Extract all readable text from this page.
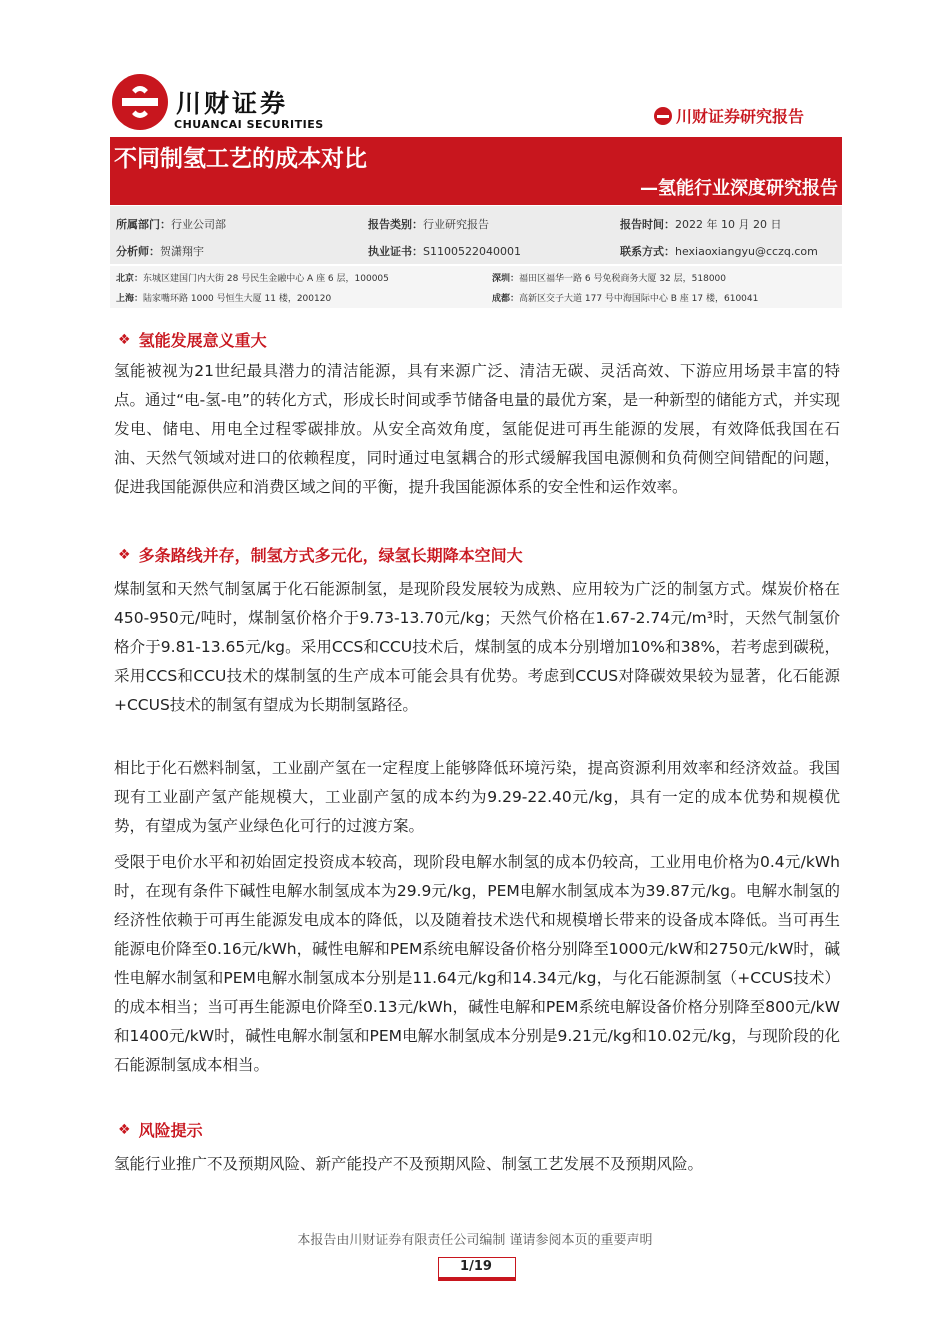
川财证券
CHUANCAI SECURITIES	川财证券研究报告
不同制氢工艺的成本对比
—氢能行业深度研究报告
所属部门：行业公司部	报告类别：行业研究报告	报告时间：2022 年 10 月 20 日
分析师：贺潇翔宇	执业证书：S1100522040001	联系方式：hexiaoxiangyu@cczq.com
北京：东城区建国门内大街 28 号民生金融中心 A 座 6 层，100005	深圳：福田区福华一路 6 号免税商务大厦 32 层，518000
上海：陆家嘴环路 1000 号恒生大厦 11 楼，200120	成都：高新区交子大道 177 号中海国际中心 B 座 17 楼，610041
❖ 氢能发展意义重大
氢能被视为21世纪最具潜力的清洁能源，具有来源广泛、清洁无碳、灵活高效、下游应用场景丰富的特点。通过“电-氢-电”的转化方式，形成长时间或季节储备电量的最优方案，是一种新型的储能方式，并实现发电、储电、用电全过程零碳排放。从安全高效角度，氢能促进可再生能源的发展，有效降低我国在石油、天然气领域对进口的依赖程度，同时通过电氢耦合的形式缓解我国电源侧和负荷侧空间错配的问题，促进我国能源供应和消费区域之间的平衡，提升我国能源体系的安全性和运作效率。
❖ 多条路线并存，制氢方式多元化，绿氢长期降本空间大
煤制氢和天然气制氢属于化石能源制氢，是现阶段发展较为成熟、应用较为广泛的制氢方式。煤炭价格在450-950元/吨时，煤制氢价格介于9.73-13.70元/kg；天然气价格在1.67-2.74元/m³时，天然气制氢价格介于9.81-13.65元/kg。采用CCS和CCU技术后，煤制氢的成本分别增加10%和38%，若考虑到碳税，采用CCS和CCU技术的煤制氢的生产成本可能会具有优势。考虑到CCUS对降碳效果较为显著，化石能源+CCUS技术的制氢有望成为长期制氢路径。
相比于化石燃料制氢，工业副产氢在一定程度上能够降低环境污染，提高资源利用效率和经济效益。我国现有工业副产氢产能规模大，工业副产氢的成本约为9.29-22.40元/kg，具有一定的成本优势和规模优势，有望成为氢产业绿色化可行的过渡方案。
受限于电价水平和初始固定投资成本较高，现阶段电解水制氢的成本仍较高，工业用电价格为0.4元/kWh时，在现有条件下碱性电解水制氢成本为29.9元/kg，PEM电解水制氢成本为39.87元/kg。电解水制氢的经济性依赖于可再生能源发电成本的降低，以及随着技术迭代和规模增长带来的设备成本降低。当可再生能源电价降至0.16元/kWh，碱性电解和PEM系统电解设备价格分别降至1000元/kW和2750元/kW时，碱性电解水制氢和PEM电解水制氢成本分别是11.64元/kg和14.34元/kg，与化石能源制氢（+CCUS技术）的成本相当；当可再生能源电价降至0.13元/kWh，碱性电解和PEM系统电解设备价格分别降至800元/kW和1400元/kW时，碱性电解水制氢和PEM电解水制氢成本分别是9.21元/kg和10.02元/kg，与现阶段的化石能源制氢成本相当。
❖ 风险提示
氢能行业推广不及预期风险、新产能投产不及预期风险、制氢工艺发展不及预期风险。
本报告由川财证券有限责任公司编制 谨请参阅本页的重要声明
1/19
